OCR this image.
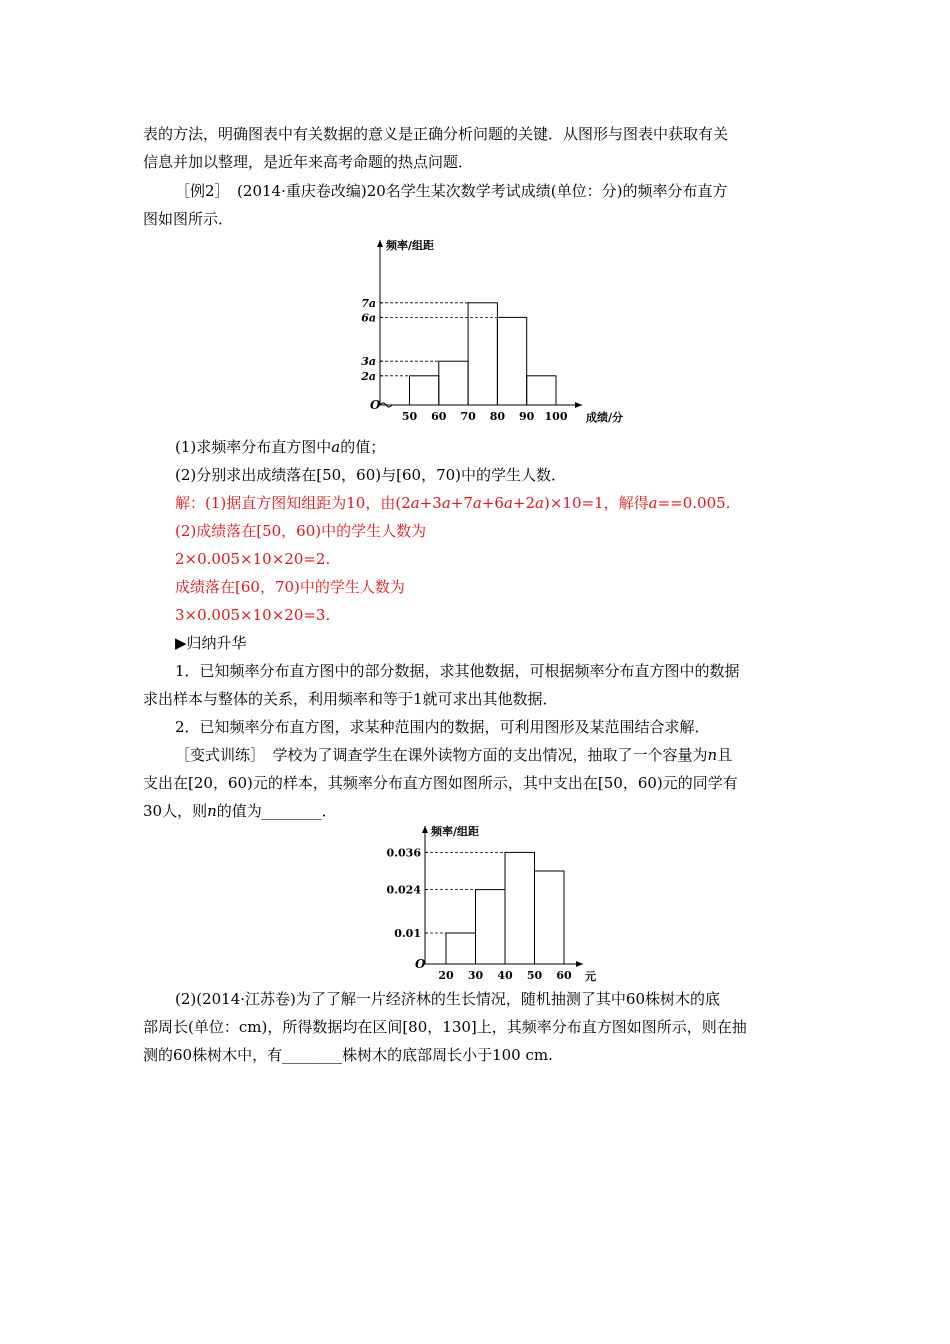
表的方法，明确图表中有关数据的意义是正确分析问题的关键．从图形与图表中获取有关
信息并加以整理，是近年来高考命题的热点问题．
［例2］　(2014·重庆卷改编)20名学生某次数学考试成绩(单位：分)的频率分布直方
图如图所示．
7a
6a
3a
2a
50 60 70 80 90 100
频率/组距
成绩/分
O
(1)求频率分布直方图中a的值；
(2)分别求出成绩落在[50，60)与[60，70)中的学生人数．
解：(1)据直方图知组距为10，由(2a+3a+7a+6a+2a)×10=1，解得a==0.005.
(2)成绩落在[50，60)中的学生人数为
2×0.005×10×20=2.
成绩落在[60，70)中的学生人数为
3×0.005×10×20=3.
▶归纳升华
1．已知频率分布直方图中的部分数据，求其他数据，可根据频率分布直方图中的数据
求出样本与整体的关系，利用频率和等于1就可求出其他数据．
2．已知频率分布直方图，求某种范围内的数据，可利用图形及某范围结合求解．
［变式训练］　学校为了调查学生在课外读物方面的支出情况，抽取了一个容量为n且
支出在[20，60)元的样本，其频率分布直方图如图所示，其中支出在[50，60)元的同学有
30人，则n的值为________．
0.036
0.024
0.01
20 30 40 50 60
频率/组距
元
O
(2)(2014·江苏卷)为了了解一片经济林的生长情况，随机抽测了其中60株树木的底
部周长(单位：cm)，所得数据均在区间[80，130]上，其频率分布直方图如图所示，则在抽
测的60株树木中，有________株树木的底部周长小于100 cm.
